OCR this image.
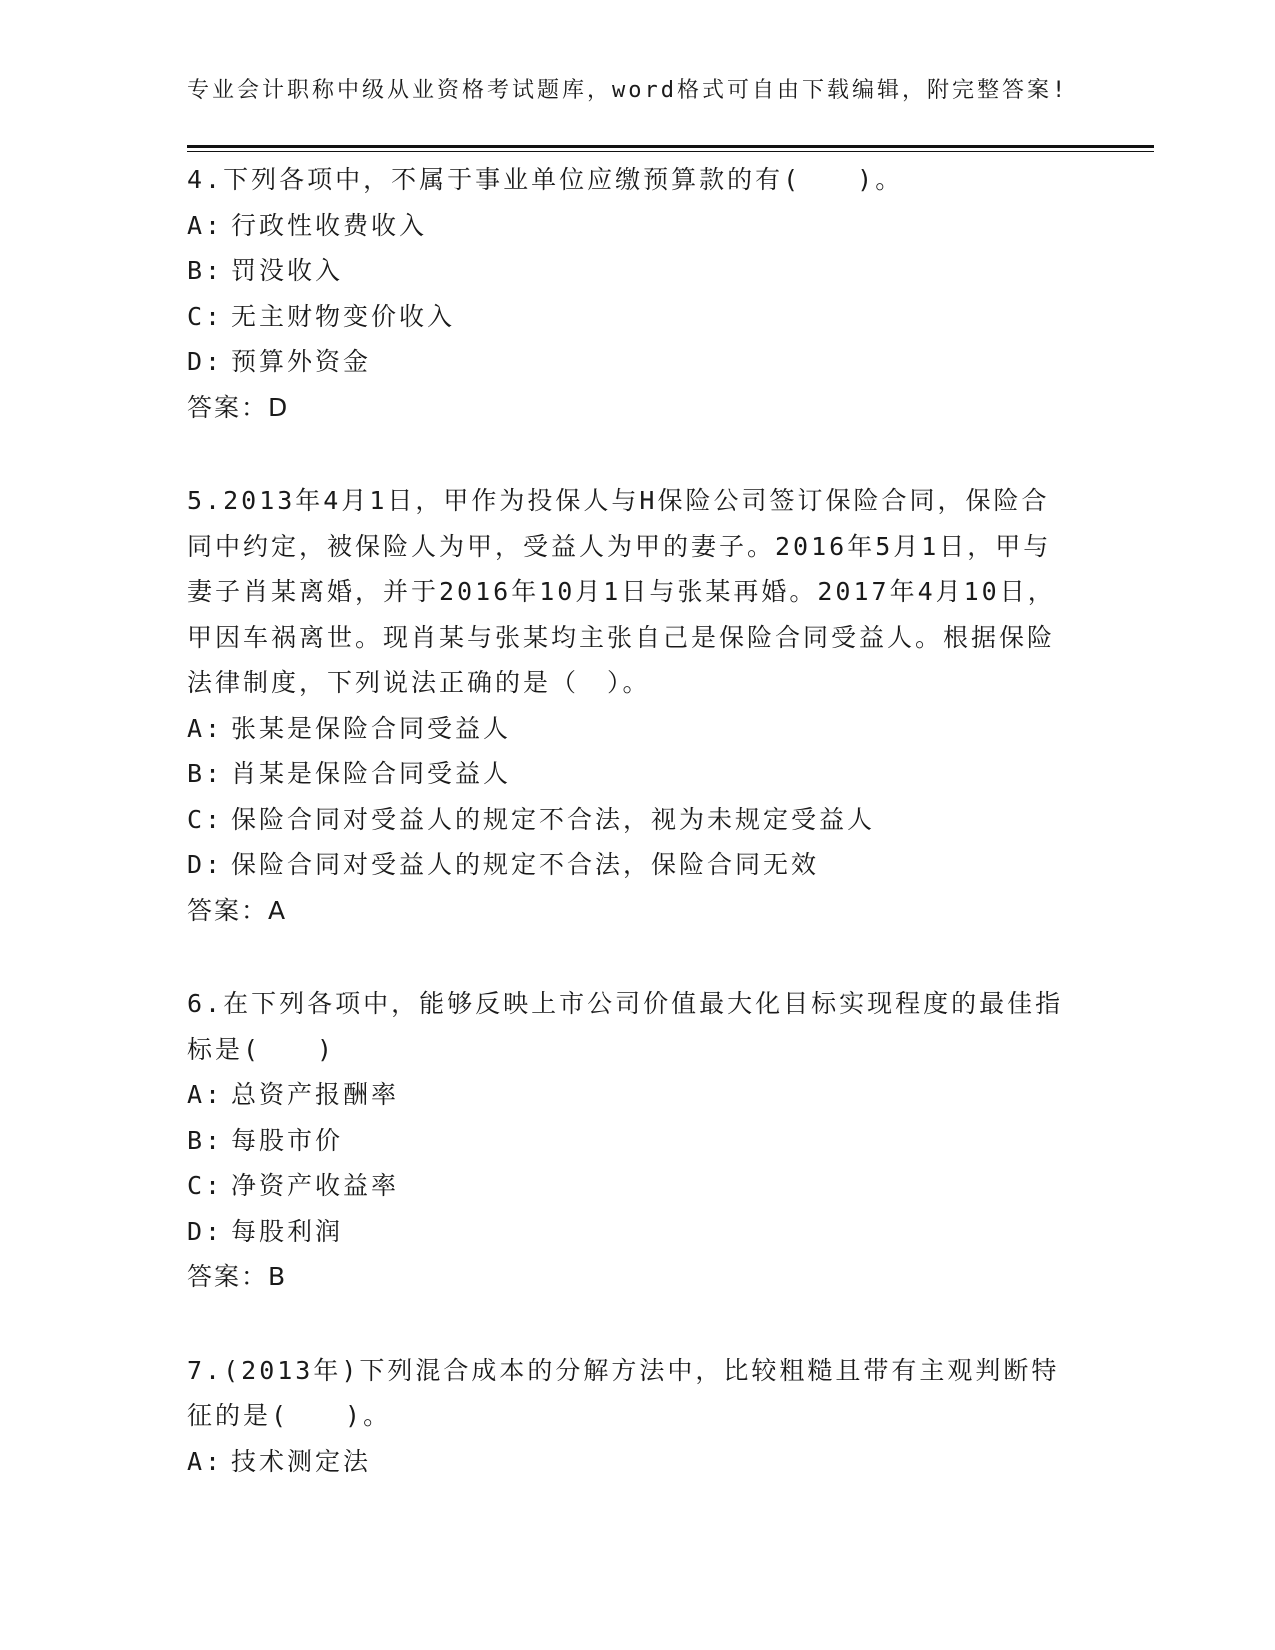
专业会计职称中级从业资格考试题库，word格式可自由下载编辑，附完整答案!

4.下列各项中，不属于事业单位应缴预算款的有(　　)。

A: 行政性收费收入

B: 罚没收入

C: 无主财物变价收入

D: 预算外资金

答案：D

5.2013年4月1日，甲作为投保人与H保险公司签订保险合同，保险合同中约定，被保险人为甲，受益人为甲的妻子。2016年5月1日，甲与妻子肖某离婚，并于2016年10月1日与张某再婚。2017年4月10日，甲因车祸离世。现肖某与张某均主张自己是保险合同受益人。根据保险法律制度，下列说法正确的是（　）。

A: 张某是保险合同受益人

B: 肖某是保险合同受益人

C: 保险合同对受益人的规定不合法，视为未规定受益人

D: 保险合同对受益人的规定不合法，保险合同无效

答案：A

6.在下列各项中，能够反映上市公司价值最大化目标实现程度的最佳指标是(　　)

A: 总资产报酬率

B: 每股市价

C: 净资产收益率

D: 每股利润

答案：B

7.(2013年)下列混合成本的分解方法中，比较粗糙且带有主观判断特征的是(　　)。

A: 技术测定法
